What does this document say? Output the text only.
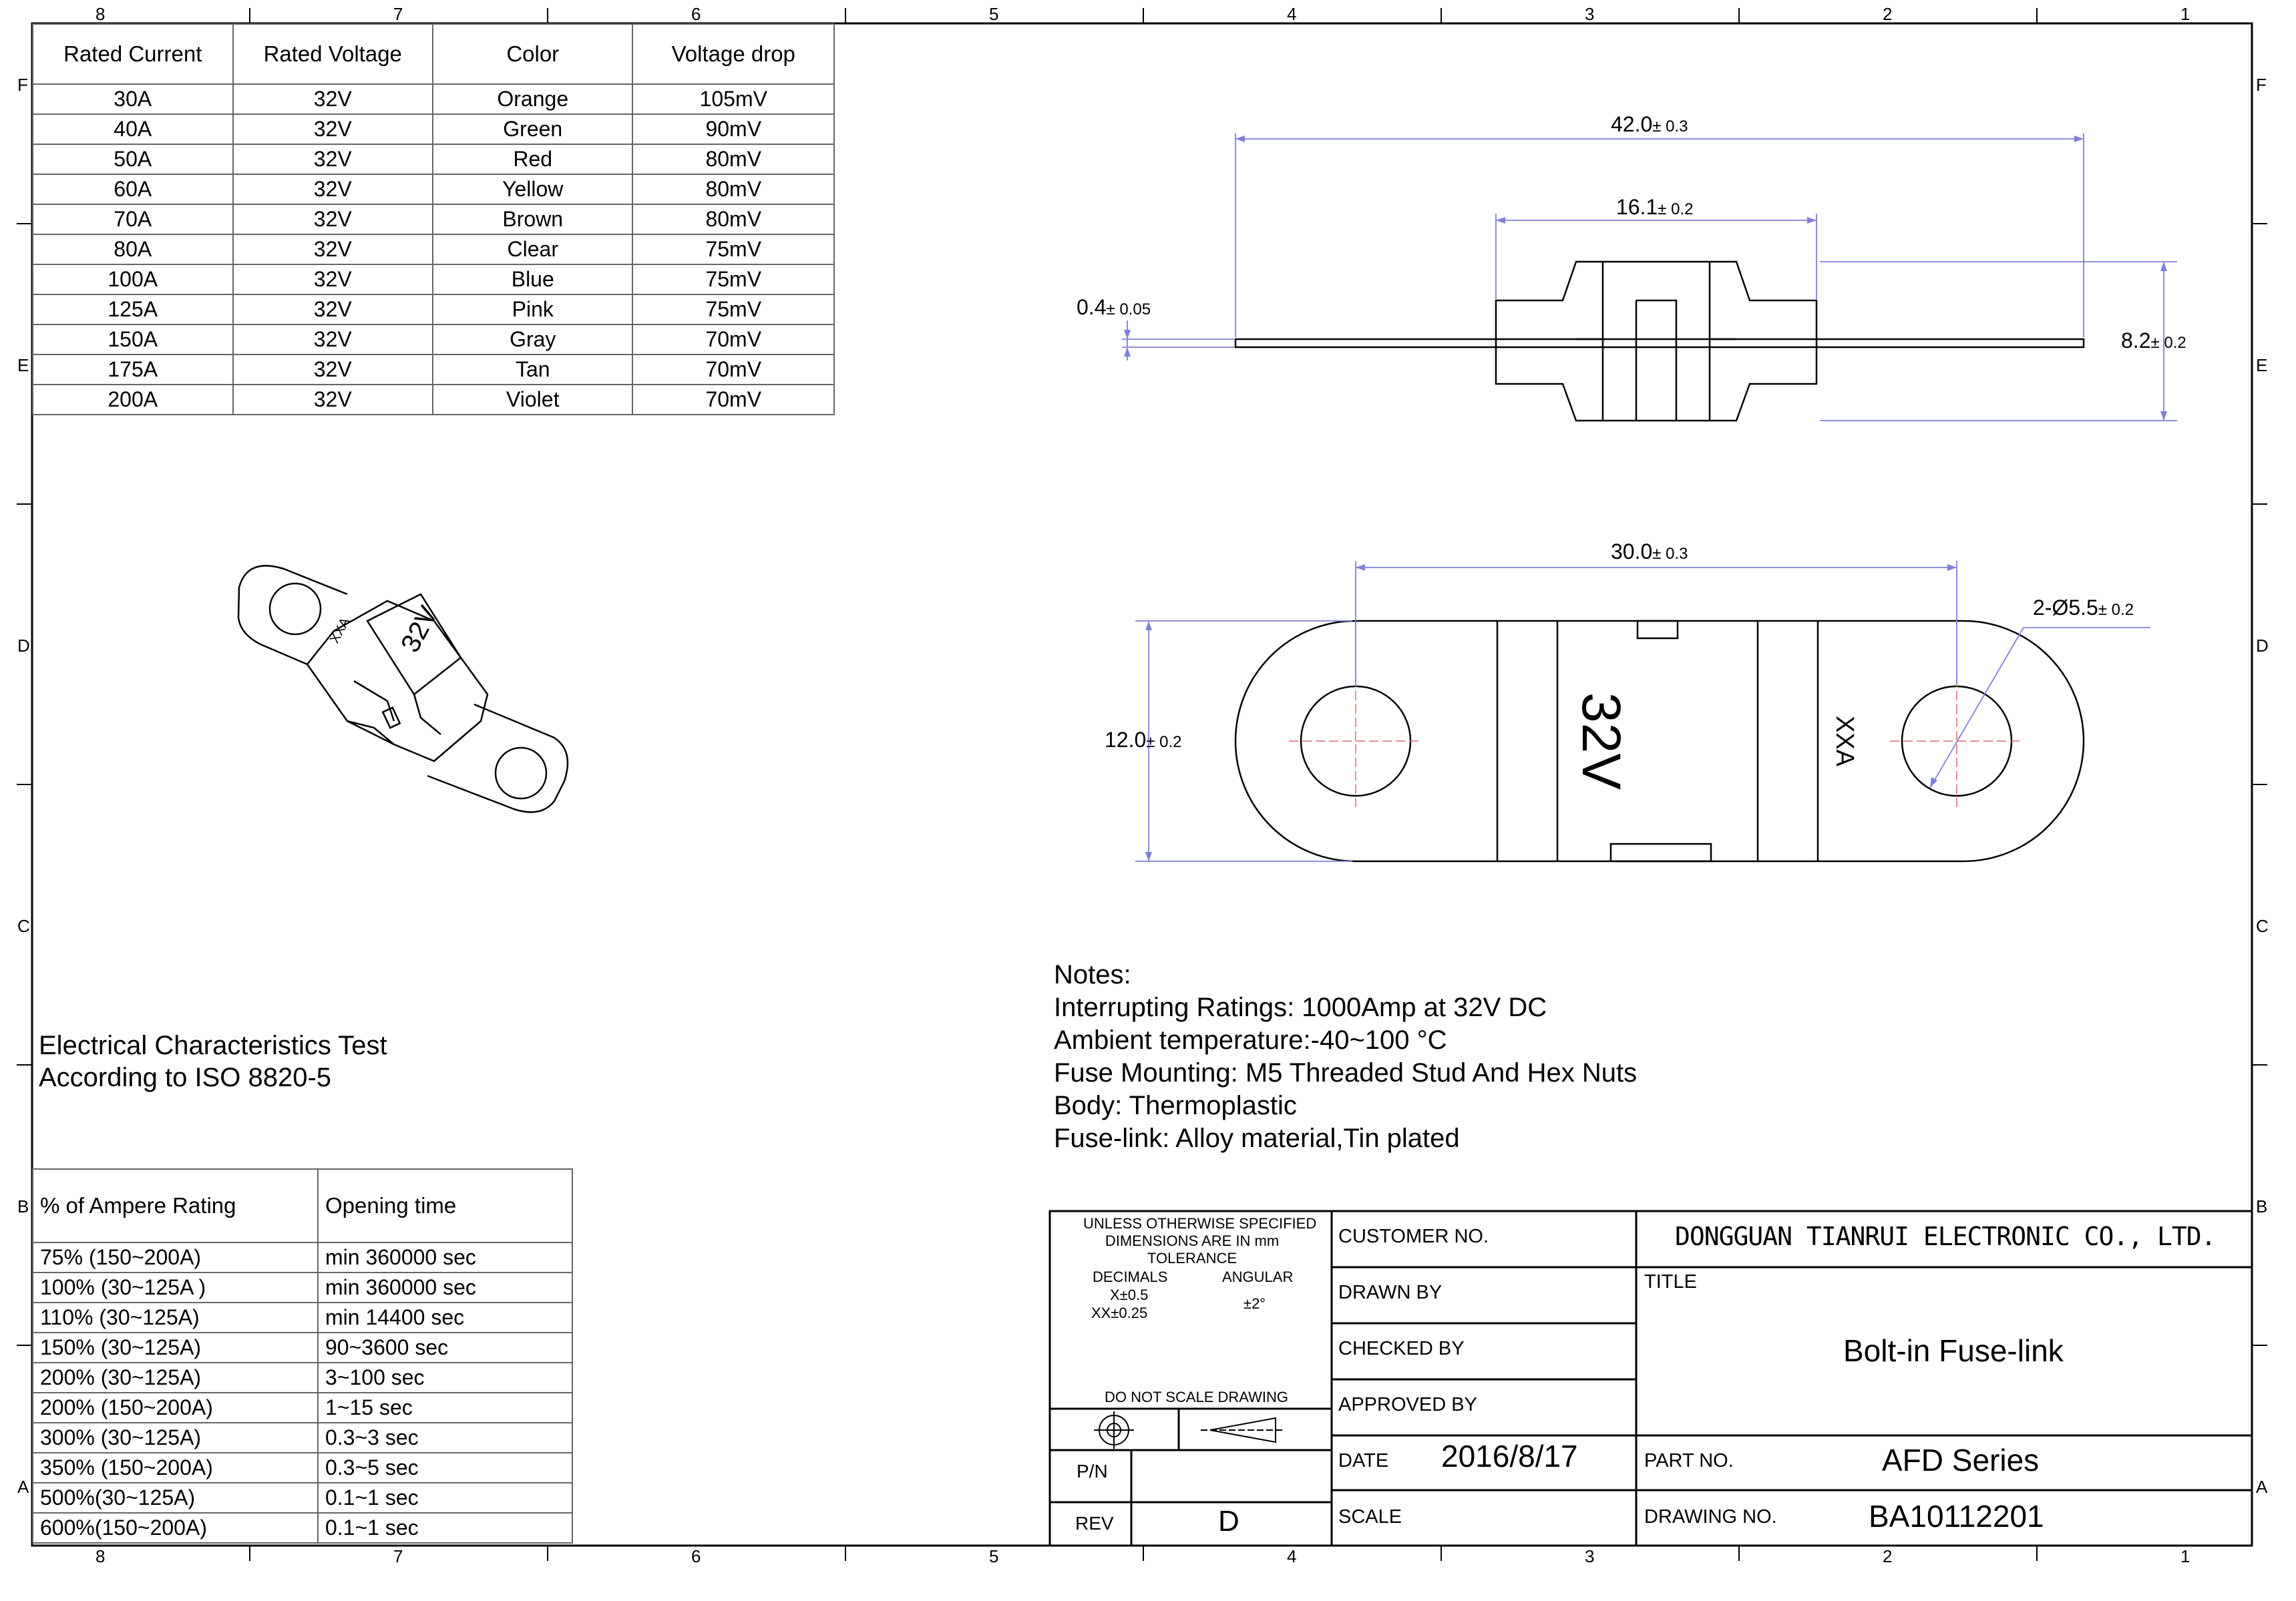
8	7	6	5	4	3	2	1
8	7	6	5	4	3	2	1
F
E
D
C
B
A
F
E
D
C
B
A
Rated Current	Rated Voltage	Color	Voltage drop
30A	32V	Orange	105mV
40A	32V	Green	90mV
50A	32V	Red	80mV
60A	32V	Yellow	80mV
70A	32V	Brown	80mV
80A	32V	Clear	75mV
100A	32V	Blue	75mV
125A	32V	Pink	75mV
150A	32V	Gray	70mV
175A	32V	Tan	70mV
200A	32V	Violet	70mV
32V
XXA
42.0± 0.3
16.1± 0.2
0.4± 0.05
8.2± 0.2
32V	XXA
30.0± 0.3
2-Ø5.5± 0.2
12.0± 0.2
Notes:
Interrupting Ratings: 1000Amp at 32V DC
Ambient temperature:-40~100 °C
Fuse Mounting: M5 Threaded Stud And Hex Nuts
Body: Thermoplastic
Fuse-link: Alloy material,Tin plated
Electrical Characteristics Test
According to ISO 8820-5
% of Ampere Rating	Opening time
75% (150~200A)	min 360000 sec
100% (30~125A )	min 360000 sec
110% (30~125A)	min 14400 sec
150% (30~125A)	90~3600 sec
200% (30~125A)	3~100 sec
200% (150~200A)	1~15 sec
300% (30~125A)	0.3~3 sec
350% (150~200A)	0.3~5 sec
500%(30~125A)	0.1~1 sec
600%(150~200A)	0.1~1 sec
UNLESS OTHERWISE SPECIFIED
DIMENSIONS ARE IN mm
TOLERANCE
DECIMALS	ANGULAR
X±0.5
XX±0.25
±2°
DO NOT SCALE DRAWING
P/N
REV	D
CUSTOMER NO.
DRAWN BY
CHECKED BY
APPROVED BY
DATE 2016/8/17
SCALE
DONGGUAN TIANRUI ELECTRONIC CO., LTD.
TITLE
Bolt-in Fuse-link
PART NO.	AFD Series
DRAWING NO.	BA10112201
